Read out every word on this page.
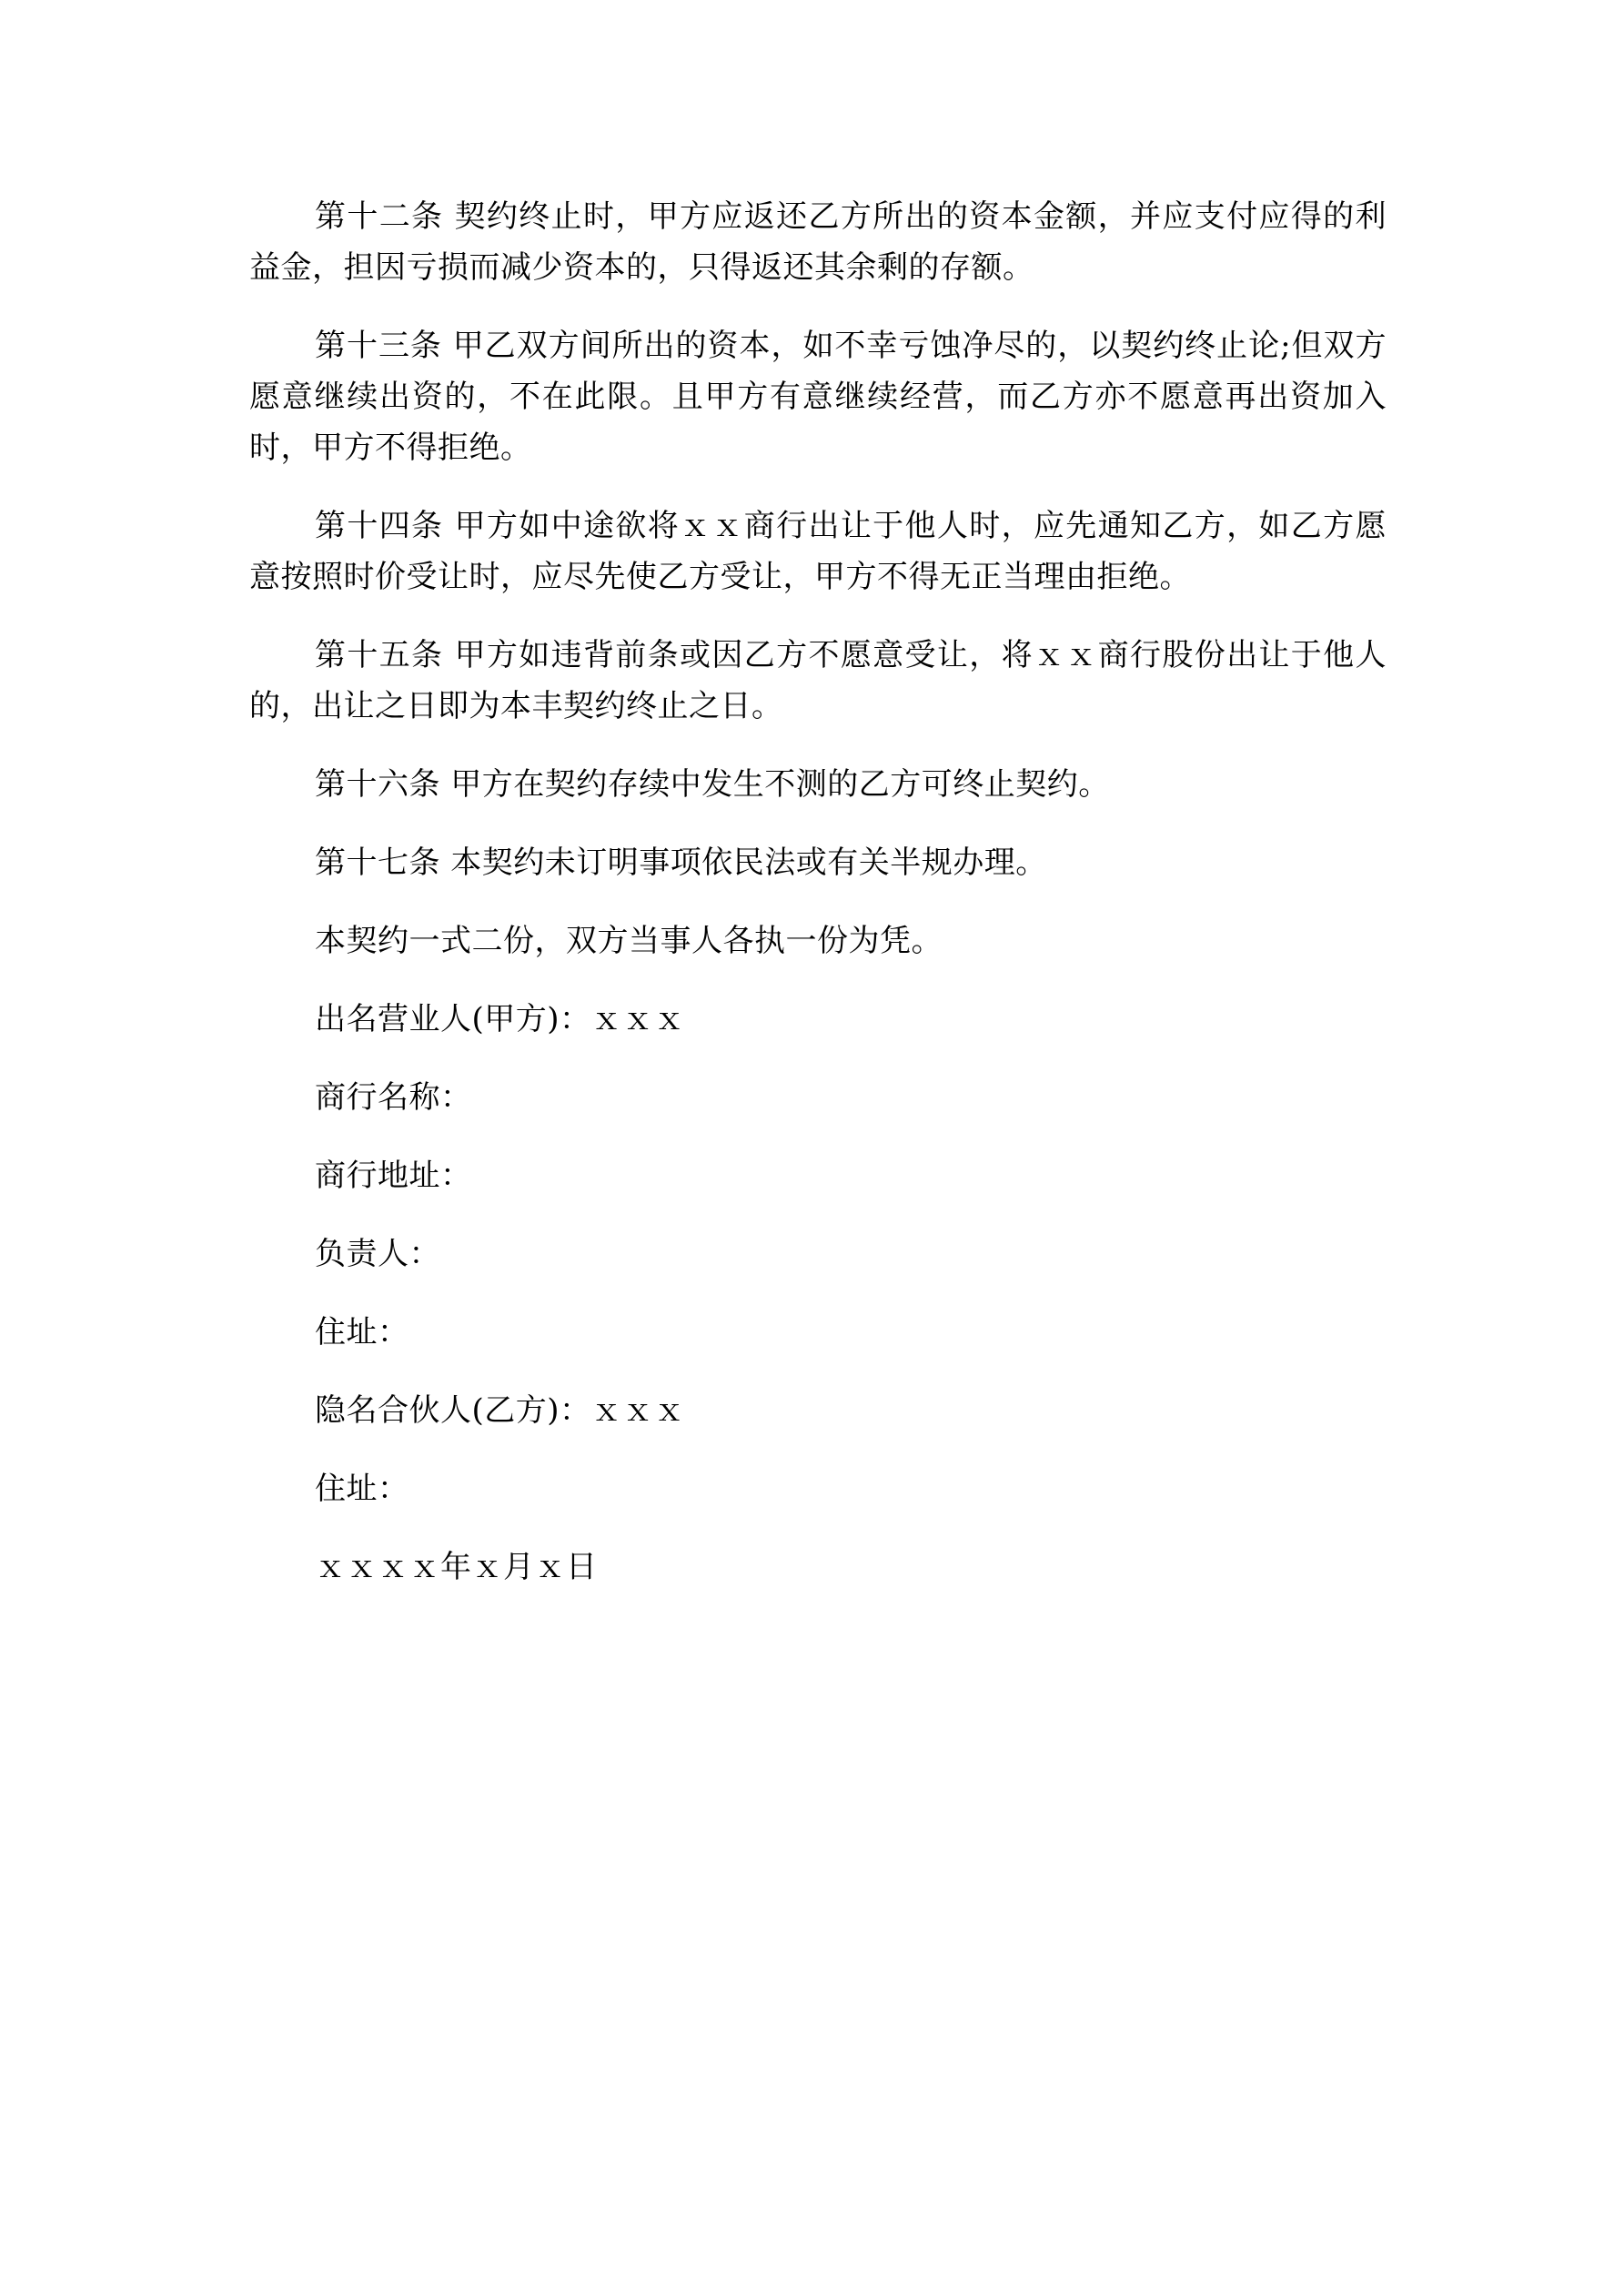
第十二条 契约终止时，甲方应返还乙方所出的资本金额，并应支付应得的利益金，担因亏损而减少资本的，只得返还其余剩的存额。

第十三条 甲乙双方间所出的资本，如不幸亏蚀净尽的，以契约终止论;但双方愿意继续出资的，不在此限。且甲方有意继续经营，而乙方亦不愿意再出资加入时，甲方不得拒绝。

第十四条 甲方如中途欲将ｘｘ商行出让于他人时，应先通知乙方，如乙方愿意按照时价受让时，应尽先使乙方受让，甲方不得无正当理由拒绝。

第十五条 甲方如违背前条或因乙方不愿意受让，将ｘｘ商行股份出让于他人的，出让之日即为本丰契约终止之日。

第十六条 甲方在契约存续中发生不测的乙方可终止契约。

第十七条 本契约未订明事项依民法或有关半规办理。

本契约一式二份，双方当事人各执一份为凭。

出名营业人(甲方)：ｘｘｘ

商行名称：

商行地址：

负责人：

住址：

隐名合伙人(乙方)：ｘｘｘ

住址：

ｘｘｘｘ年ｘ月ｘ日
